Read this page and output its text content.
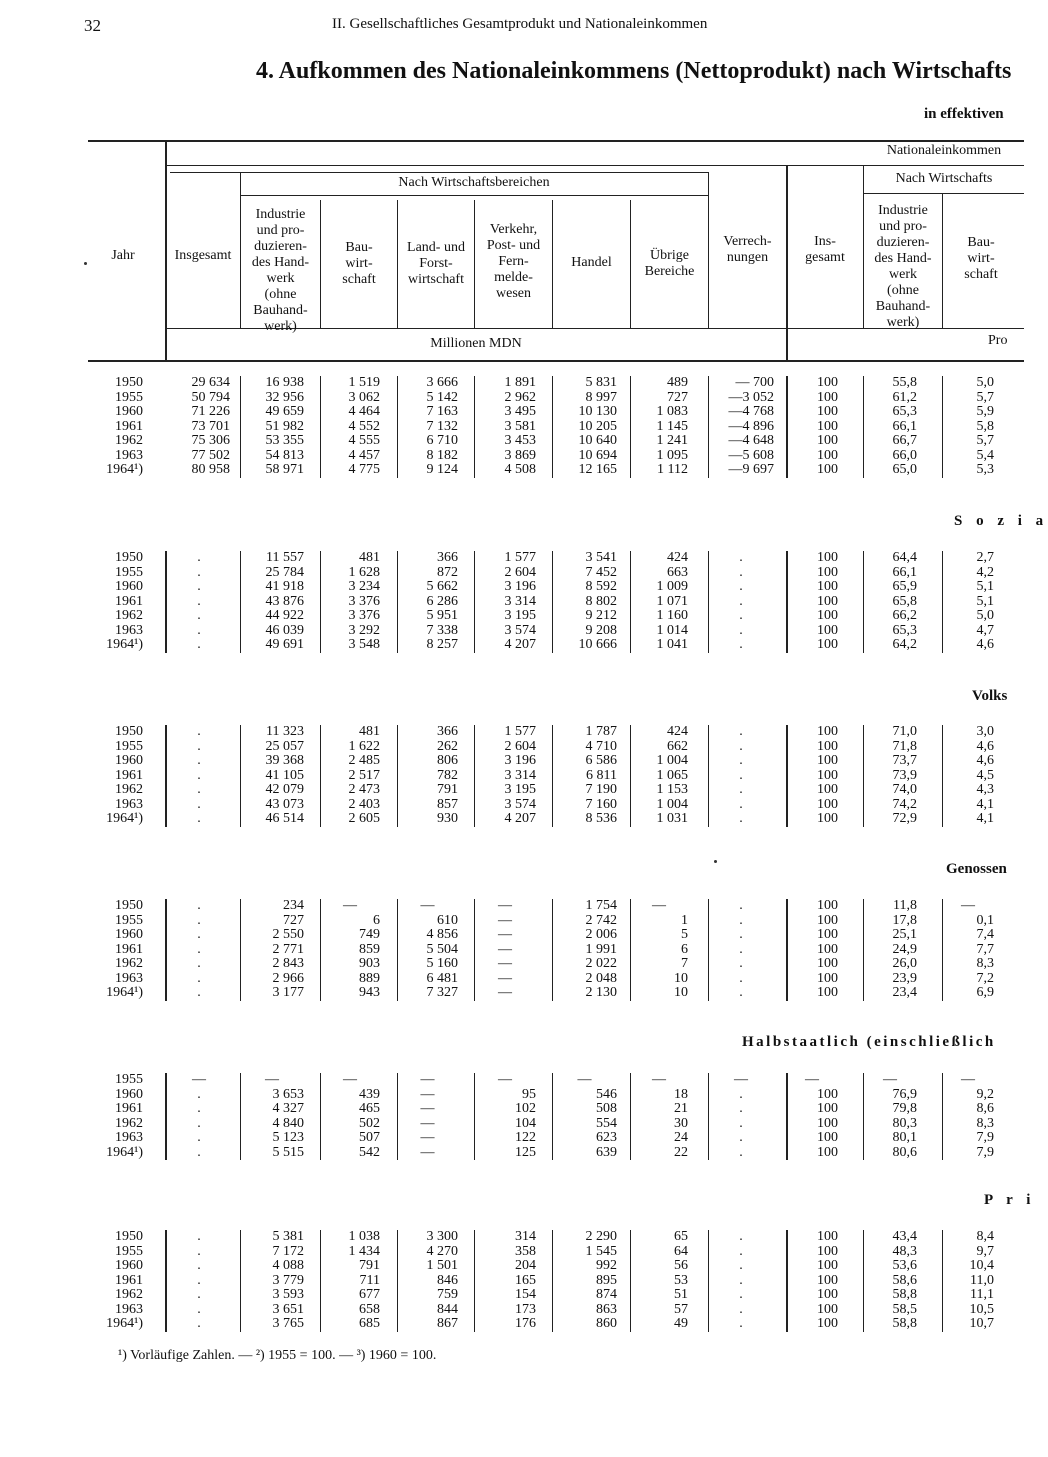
32	II. Gesellschaftliches Gesamtprodukt und Nationaleinkommen
4. Aufkommen des Nationaleinkommens (Nettoprodukt) nach Wirtschafts
in effektiven
Jahr	Insgesamt
Nationaleinkommen
Nach Wirtschaftsbereichen	Nach Wirtschafts
Industrie
und pro-
duzieren-
des Hand-
werk
(ohne
Bauhand-
werk)
Bau-
wirt-
schaft
Land- und
Forst-
wirtschaft
Verkehr,
Post- und
Fern-
melde-
wesen
Handel	Übrige
Bereiche
Verrech-
nungen
Ins-
gesamt
Industrie
und pro-
duzieren-
des Hand-
werk
(ohne
Bauhand-
werk)
Bau-
wirt-
schaft
Millionen MDN	Pro
S o z i a
Volks
Genossen
Halbstaatlich (einschließlich
P r i
1950	29 634	16 938	1 519	3 666	1 891	5 831	489	— 700	100	55,8	5,0
1955	50 794	32 956	3 062	5 142	2 962	8 997	727	—3 052	100	61,2	5,7
1960	71 226	49 659	4 464	7 163	3 495	10 130	1 083	—4 768	100	65,3	5,9
1961	73 701	51 982	4 552	7 132	3 581	10 205	1 145	—4 896	100	66,1	5,8
1962	75 306	53 355	4 555	6 710	3 453	10 640	1 241	—4 648	100	66,7	5,7
1963	77 502	54 813	4 457	8 182	3 869	10 694	1 095	—5 608	100	66,0	5,4
1964¹)	80 958	58 971	4 775	9 124	4 508	12 165	1 112	—9 697	100	65,0	5,3
1950	.	11 557	481	366	1 577	3 541	424	.	100	64,4	2,7
1955	.	25 784	1 628	872	2 604	7 452	663	.	100	66,1	4,2
1960	.	41 918	3 234	5 662	3 196	8 592	1 009	.	100	65,9	5,1
1961	.	43 876	3 376	6 286	3 314	8 802	1 071	.	100	65,8	5,1
1962	.	44 922	3 376	5 951	3 195	9 212	1 160	.	100	66,2	5,0
1963	.	46 039	3 292	7 338	3 574	9 208	1 014	.	100	65,3	4,7
1964¹)	.	49 691	3 548	8 257	4 207	10 666	1 041	.	100	64,2	4,6
1950	.	11 323	481	366	1 577	1 787	424	.	100	71,0	3,0
1955	.	25 057	1 622	262	2 604	4 710	662	.	100	71,8	4,6
1960	.	39 368	2 485	806	3 196	6 586	1 004	.	100	73,7	4,6
1961	.	41 105	2 517	782	3 314	6 811	1 065	.	100	73,9	4,5
1962	.	42 079	2 473	791	3 195	7 190	1 153	.	100	74,0	4,3
1963	.	43 073	2 403	857	3 574	7 160	1 004	.	100	74,2	4,1
1964¹)	.	46 514	2 605	930	4 207	8 536	1 031	.	100	72,9	4,1
1950	.	234	—	—	—	1 754	—	.	100	11,8	—
1955	.	727	6	610	—	2 742	1	.	100	17,8	0,1
1960	.	2 550	749	4 856	—	2 006	5	.	100	25,1	7,4
1961	.	2 771	859	5 504	—	1 991	6	.	100	24,9	7,7
1962	.	2 843	903	5 160	—	2 022	7	.	100	26,0	8,3
1963	.	2 966	889	6 481	—	2 048	10	.	100	23,9	7,2
1964¹)	.	3 177	943	7 327	—	2 130	10	.	100	23,4	6,9
1955	—	—	—	—	—	—	—	—	—	—	—
1960	.	3 653	439	—	95	546	18	.	100	76,9	9,2
1961	.	4 327	465	—	102	508	21	.	100	79,8	8,6
1962	.	4 840	502	—	104	554	30	.	100	80,3	8,3
1963	.	5 123	507	—	122	623	24	.	100	80,1	7,9
1964¹)	.	5 515	542	—	125	639	22	.	100	80,6	7,9
1950	.	5 381	1 038	3 300	314	2 290	65	.	100	43,4	8,4
1955	.	7 172	1 434	4 270	358	1 545	64	.	100	48,3	9,7
1960	.	4 088	791	1 501	204	992	56	.	100	53,6	10,4
1961	.	3 779	711	846	165	895	53	.	100	58,6	11,0
1962	.	3 593	677	759	154	874	51	.	100	58,8	11,1
1963	.	3 651	658	844	173	863	57	.	100	58,5	10,5
1964¹)	.	3 765	685	867	176	860	49	.	100	58,8	10,7
¹) Vorläufige Zahlen. — ²) 1955 = 100. — ³) 1960 = 100.
